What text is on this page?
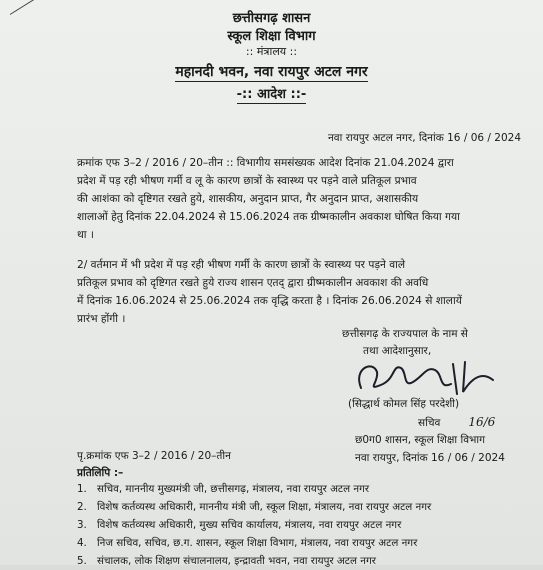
छत्तीसगढ़ शासन
स्कूल शिक्षा विभाग
:: मंत्रालय ::
महानदी भवन, नवा रायपुर अटल नगर
-:: आदेश ::-
नवा रायपुर अटल नगर, दिनांक 16 / 06 / 2024
क्रमांक एफ 3–2 / 2016 / 20–तीन :: विभागीय समसंख्यक आदेश दिनांक 21.04.2024 द्वारा
प्रदेश में पड़ रही भीषण गर्मी व लू के कारण छात्रों के स्वास्थ्य पर पड़ने वाले प्रतिकूल प्रभाव
की आशंका को दृष्टिगत रखते हुये, शासकीय, अनुदान प्राप्त, गैर अनुदान प्राप्त, अशासकीय
शालाओं हेतु दिनांक 22.04.2024 से 15.06.2024 तक ग्रीष्मकालीन अवकाश घोषित किया गया
था ।
2/ वर्तमान में भी प्रदेश में पड़ रही भीषण गर्मी के कारण छात्रों के स्वास्थ्य पर पड़ने वाले
प्रतिकूल प्रभाव को दृष्टिगत रखते हुये राज्य शासन एतद् द्वारा ग्रीष्मकालीन अवकाश की अवधि
में दिनांक 16.06.2024 से 25.06.2024 तक वृद्धि करता है । दिनांक 26.06.2024 से शालायें
प्रारंभ होंगी ।
छत्तीसगढ़ के राज्यपाल के नाम से
तथा आदेशानुसार,
(सिद्धार्थ कोमल सिंह परदेशी)
सचिव 16/6
छ0ग0 शासन, स्कूल शिक्षा विभाग
नवा रायपुर, दिनांक 16 / 06 / 2024
पृ.क्रमांक एफ 3–2 / 2016 / 20–तीन
प्रतिलिपि :–
1. सचिव, माननीय मुख्यमंत्री जी, छत्तीसगढ़, मंत्रालय, नवा रायपुर अटल नगर
2. विशेष कर्तव्यस्थ अधिकारी, माननीय मंत्री जी, स्कूल शिक्षा, मंत्रालय, नवा रायपुर अटल नगर
3. विशेष कर्तव्यस्थ अधिकारी, मुख्य सचिव कार्यालय, मंत्रालय, नवा रायपुर अटल नगर
4. निज सचिव, सचिव, छ.ग. शासन, स्कूल शिक्षा विभाग, मंत्रालय, नवा रायपुर अटल नगर
5. संचालक, लोक शिक्षण संचालनालय, इन्द्रावती भवन, नवा रायपुर अटल नगर
